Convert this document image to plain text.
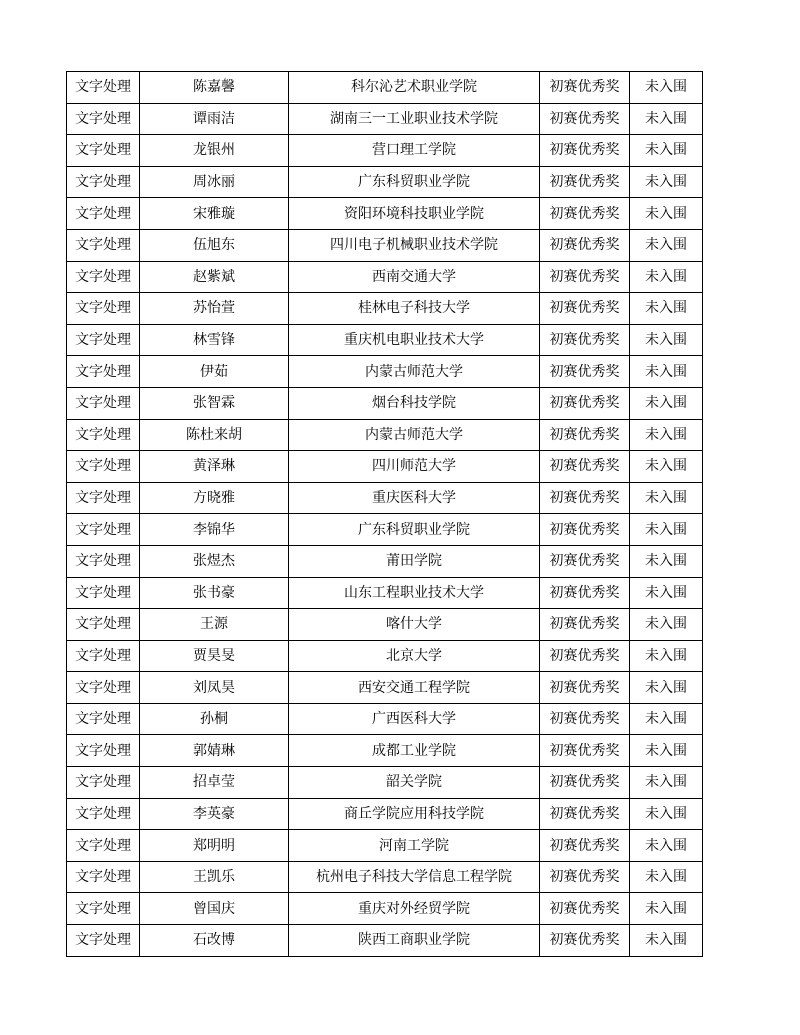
文字处理	陈嘉馨	科尔沁艺术职业学院	初赛优秀奖	未入围
文字处理	谭雨洁	湖南三一工业职业技术学院	初赛优秀奖	未入围
文字处理	龙银州	营口理工学院	初赛优秀奖	未入围
文字处理	周冰丽	广东科贸职业学院	初赛优秀奖	未入围
文字处理	宋雅璇	资阳环境科技职业学院	初赛优秀奖	未入围
文字处理	伍旭东	四川电子机械职业技术学院	初赛优秀奖	未入围
文字处理	赵紫斌	西南交通大学	初赛优秀奖	未入围
文字处理	苏怡萱	桂林电子科技大学	初赛优秀奖	未入围
文字处理	林雪锋	重庆机电职业技术大学	初赛优秀奖	未入围
文字处理	伊茹	内蒙古师范大学	初赛优秀奖	未入围
文字处理	张智霖	烟台科技学院	初赛优秀奖	未入围
文字处理	陈杜来胡	内蒙古师范大学	初赛优秀奖	未入围
文字处理	黄泽琳	四川师范大学	初赛优秀奖	未入围
文字处理	方晓雅	重庆医科大学	初赛优秀奖	未入围
文字处理	李锦华	广东科贸职业学院	初赛优秀奖	未入围
文字处理	张煜杰	莆田学院	初赛优秀奖	未入围
文字处理	张书豪	山东工程职业技术大学	初赛优秀奖	未入围
文字处理	王源	喀什大学	初赛优秀奖	未入围
文字处理	贾昊旻	北京大学	初赛优秀奖	未入围
文字处理	刘凤昊	西安交通工程学院	初赛优秀奖	未入围
文字处理	孙桐	广西医科大学	初赛优秀奖	未入围
文字处理	郭婧琳	成都工业学院	初赛优秀奖	未入围
文字处理	招卓莹	韶关学院	初赛优秀奖	未入围
文字处理	李英豪	商丘学院应用科技学院	初赛优秀奖	未入围
文字处理	郑明明	河南工学院	初赛优秀奖	未入围
文字处理	王凯乐	杭州电子科技大学信息工程学院	初赛优秀奖	未入围
文字处理	曾国庆	重庆对外经贸学院	初赛优秀奖	未入围
文字处理	石改博	陕西工商职业学院	初赛优秀奖	未入围
